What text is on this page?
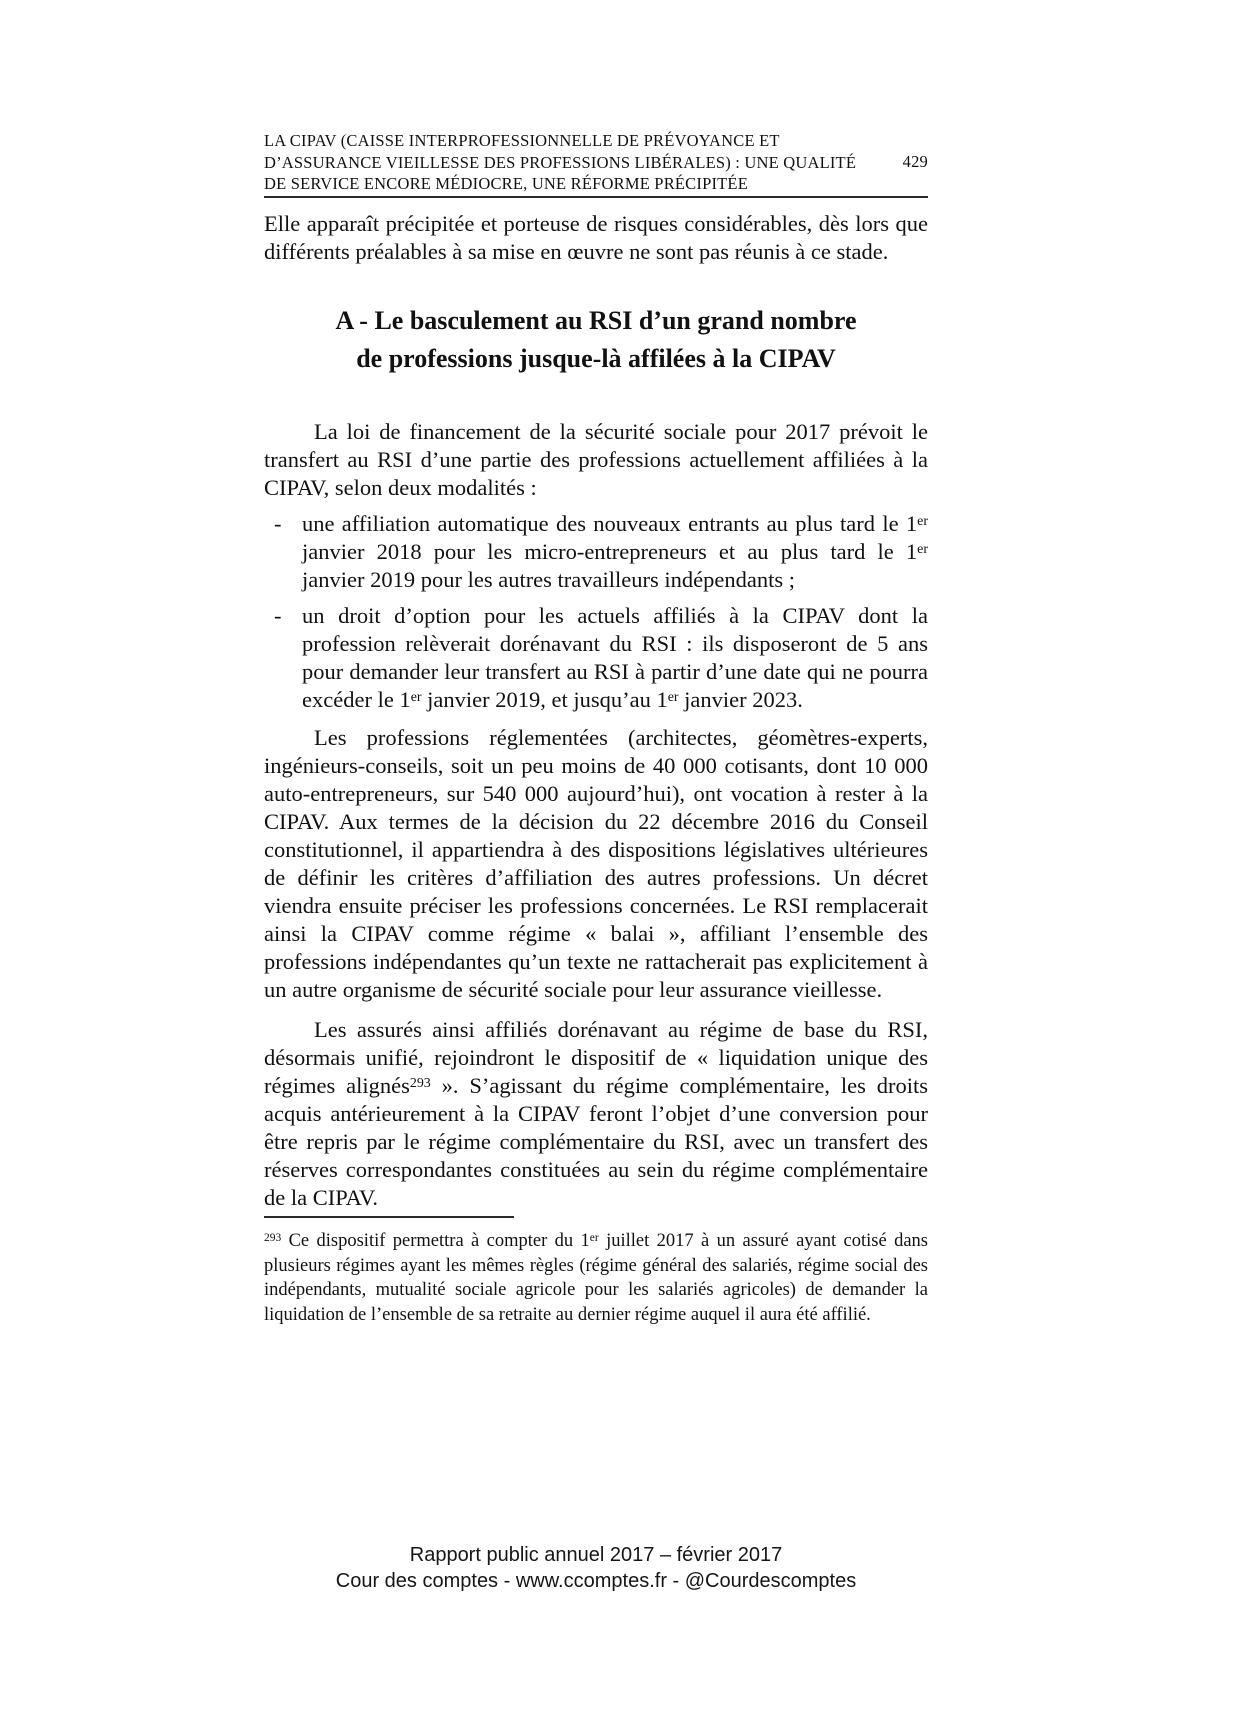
LA CIPAV (CAISSE INTERPROFESSIONNELLE DE PRÉVOYANCE ET
D’ASSURANCE VIEILLESSE DES PROFESSIONS LIBÉRALES) : UNE QUALITÉ
DE SERVICE ENCORE MÉDIOCRE, UNE RÉFORME PRÉCIPITÉE
429

Elle apparaît précipitée et porteuse de risques considérables, dès lors que différents préalables à sa mise en œuvre ne sont pas réunis à ce stade.

A - Le basculement au RSI d’un grand nombre
de professions jusque-là affilées à la CIPAV

La loi de financement de la sécurité sociale pour 2017 prévoit le transfert au RSI d’une partie des professions actuellement affiliées à la CIPAV, selon deux modalités :

- une affiliation automatique des nouveaux entrants au plus tard le 1er janvier 2018 pour les micro-entrepreneurs et au plus tard le 1er janvier 2019 pour les autres travailleurs indépendants ;
- un droit d’option pour les actuels affiliés à la CIPAV dont la profession relèverait dorénavant du RSI : ils disposeront de 5 ans pour demander leur transfert au RSI à partir d’une date qui ne pourra excéder le 1er janvier 2019, et jusqu’au 1er janvier 2023.

Les professions réglementées (architectes, géomètres-experts, ingénieurs-conseils, soit un peu moins de 40 000 cotisants, dont 10 000 auto-entrepreneurs, sur 540 000 aujourd’hui), ont vocation à rester à la CIPAV. Aux termes de la décision du 22 décembre 2016 du Conseil constitutionnel, il appartiendra à des dispositions législatives ultérieures de définir les critères d’affiliation des autres professions. Un décret viendra ensuite préciser les professions concernées. Le RSI remplacerait ainsi la CIPAV comme régime « balai », affiliant l’ensemble des professions indépendantes qu’un texte ne rattacherait pas explicitement à un autre organisme de sécurité sociale pour leur assurance vieillesse.

Les assurés ainsi affiliés dorénavant au régime de base du RSI, désormais unifié, rejoindront le dispositif de « liquidation unique des régimes alignés$^{293}$ ». S’agissant du régime complémentaire, les droits acquis antérieurement à la CIPAV feront l’objet d’une conversion pour être repris par le régime complémentaire du RSI, avec un transfert des réserves correspondantes constituées au sein du régime complémentaire de la CIPAV.

$^{293}$ Ce dispositif permettra à compter du 1er juillet 2017 à un assuré ayant cotisé dans plusieurs régimes ayant les mêmes règles (régime général des salariés, régime social des indépendants, mutualité sociale agricole pour les salariés agricoles) de demander la liquidation de l’ensemble de sa retraite au dernier régime auquel il aura été affilié.

Rapport public annuel 2017 – février 2017
Cour des comptes - www.ccomptes.fr - @Courdescomptes
